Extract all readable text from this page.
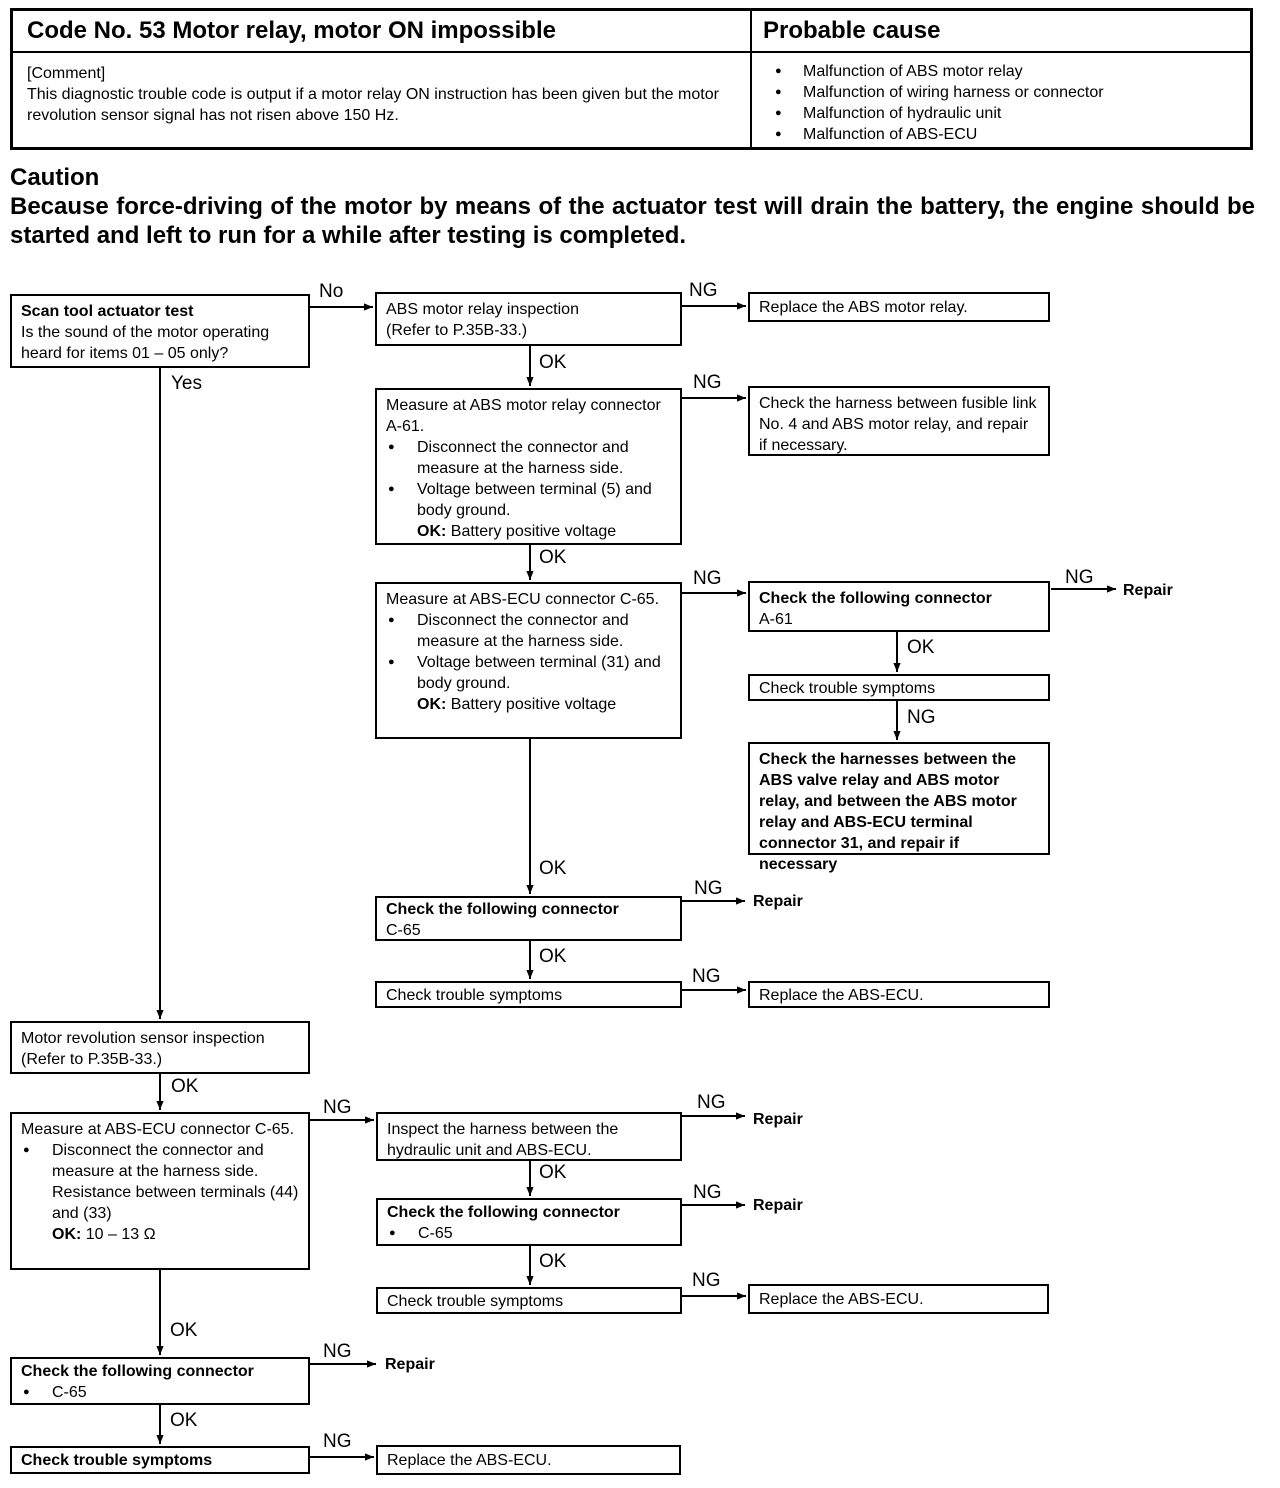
Code No. 53 Motor relay, motor ON impossible	Probable cause
[Comment]
This diagnostic trouble code is output if a motor relay ON instruction has been given but the motor revolution sensor signal has not risen above 150 Hz.
● Malfunction of ABS motor relay
● Malfunction of wiring harness or connector
● Malfunction of hydraulic unit
● Malfunction of ABS-ECU
Caution
Because force-driving of the motor by means of the actuator test will drain the battery, the engine should be started and left to run for a while after testing is completed.
No
Yes
NG
OK
NG
OK
NG	NG
Repair
OK
NG
OK
NG
Repair
OK
NG
OK
NG	NG
Repair
OK
NG
Repair
OK
NG
OK
NG
Repair
OK
NG
Scan tool actuator test
Is the sound of the motor operating heard for items 01 – 05 only?
ABS motor relay inspection
(Refer to P.35B-33.)
Replace the ABS motor relay.
Measure at ABS motor relay connector A-61.
● Disconnect the connector and measure at the harness side.
● Voltage between terminal (5) and body ground.
OK: Battery positive voltage
Check the harness between fusible link No. 4 and ABS motor relay, and repair if necessary.
Measure at ABS-ECU connector C-65.
● Disconnect the connector and measure at the harness side.
● Voltage between terminal (31) and body ground.
OK: Battery positive voltage
Check the following connector
A-61
Check trouble symptoms
Check the harnesses between the ABS valve relay and ABS motor relay, and between the ABS motor relay and ABS-ECU terminal connector 31, and repair if necessary
Check the following connector
C-65
Check trouble symptoms	Replace the ABS-ECU.
Motor revolution sensor inspection
(Refer to P.35B-33.)
Measure at ABS-ECU connector C-65.
● Disconnect the connector and measure at the harness side. Resistance between terminals (44) and (33)
OK: 10 – 13 Ω
Inspect the harness between the hydraulic unit and ABS-ECU.
Check the following connector
● C-65
Check trouble symptoms	Replace the ABS-ECU.
Check the following connector
● C-65
Check trouble symptoms	Replace the ABS-ECU.
